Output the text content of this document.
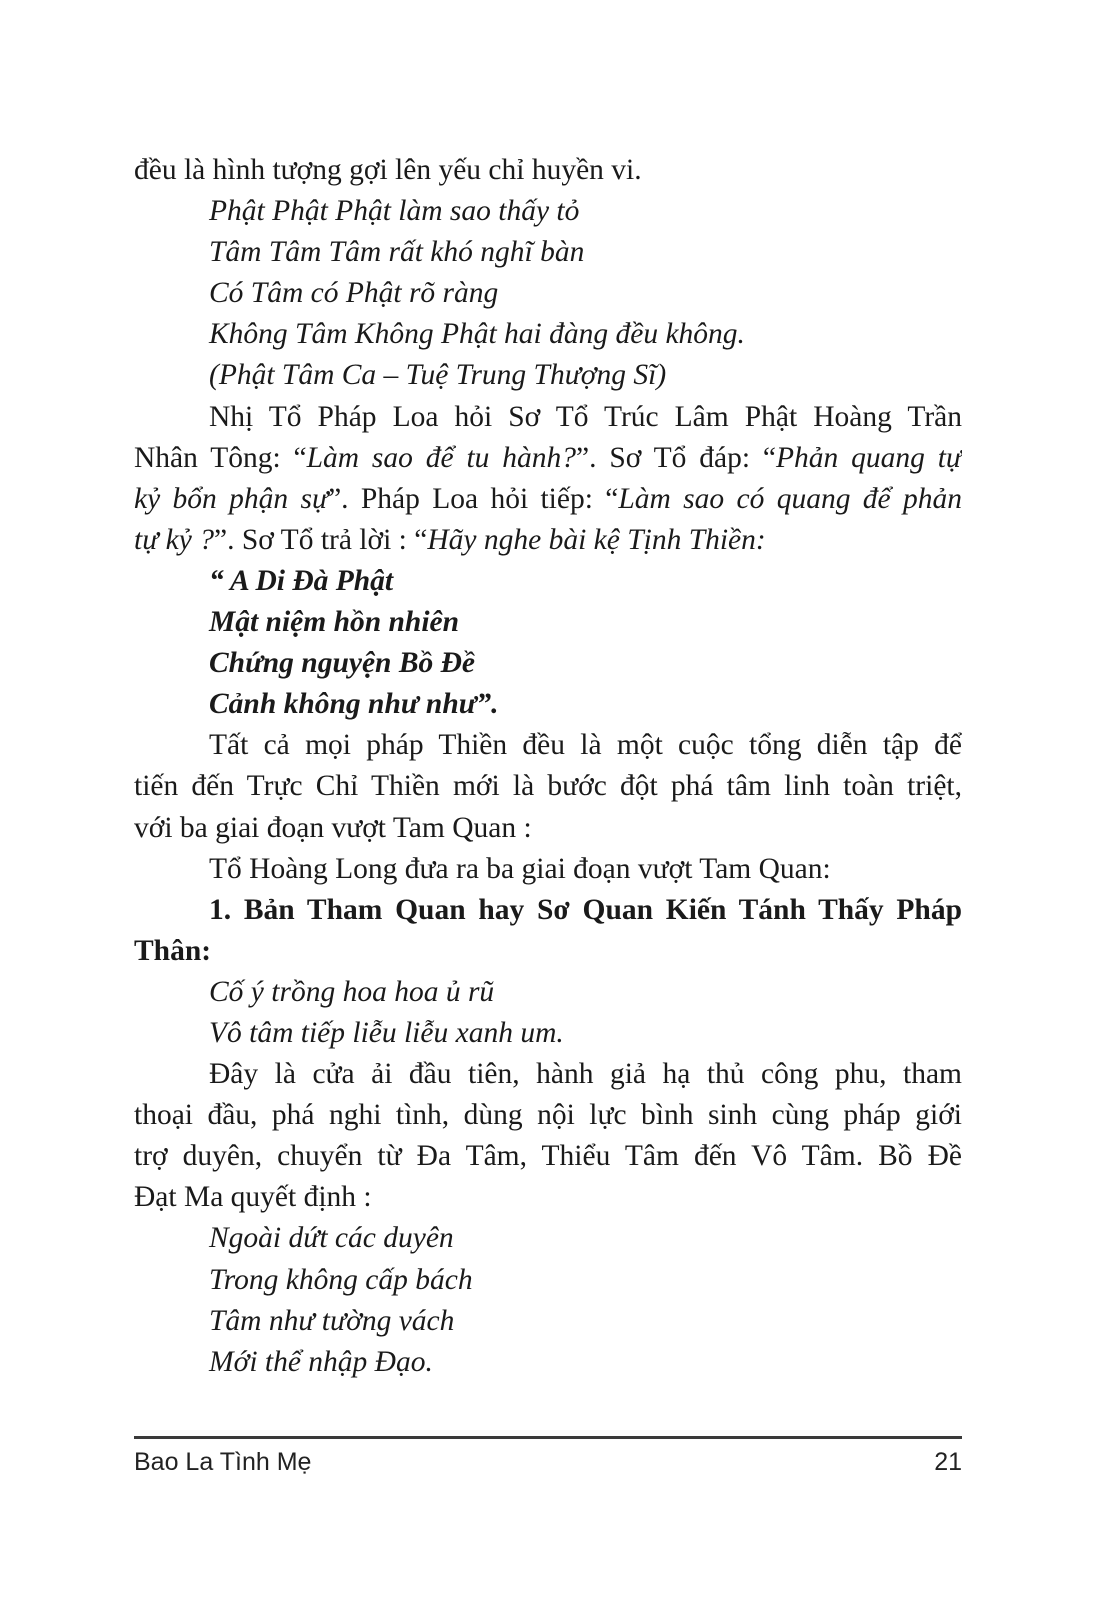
đều là hình tượng gợi lên yếu chỉ huyền vi.
Phật Phật Phật làm sao thấy tỏ
Tâm Tâm Tâm rất khó nghĩ bàn
Có Tâm có Phật rõ ràng
Không Tâm Không Phật hai đàng đều không.
(Phật Tâm Ca – Tuệ Trung Thượng Sĩ)
Nhị Tổ Pháp Loa hỏi Sơ Tổ Trúc Lâm Phật Hoàng Trần
Nhân Tông: “Làm sao để tu hành?”. Sơ Tổ đáp: “Phản quang tự
kỷ bổn phận sự”. Pháp Loa hỏi tiếp: “Làm sao có quang để phản
tự kỷ ?”. Sơ Tổ trả lời : “Hãy nghe bài kệ Tịnh Thiền:
“ A Di Đà Phật
Mật niệm hồn nhiên
Chứng nguyện Bồ Đề
Cảnh không như như”.
Tất cả mọi pháp Thiền đều là một cuộc tổng diễn tập để
tiến đến Trực Chỉ Thiền mới là bước đột phá tâm linh toàn triệt,
với ba giai đoạn vượt Tam Quan :
Tổ Hoàng Long đưa ra ba giai đoạn vượt Tam Quan:
1. Bản Tham Quan hay Sơ Quan Kiến Tánh Thấy Pháp
Thân:
Cố ý trồng hoa hoa ủ rũ
Vô tâm tiếp liễu liễu xanh um.
Đây là cửa ải đầu tiên, hành giả hạ thủ công phu, tham
thoại đầu, phá nghi tình, dùng nội lực bình sinh cùng pháp giới
trợ duyên, chuyển từ Đa Tâm, Thiểu Tâm đến Vô Tâm. Bồ Đề
Đạt Ma quyết định :
Ngoài dứt các duyên
Trong không cấp bách
Tâm như tường vách
Mới thể nhập Đạo.
Bao La Tình Mẹ	21
